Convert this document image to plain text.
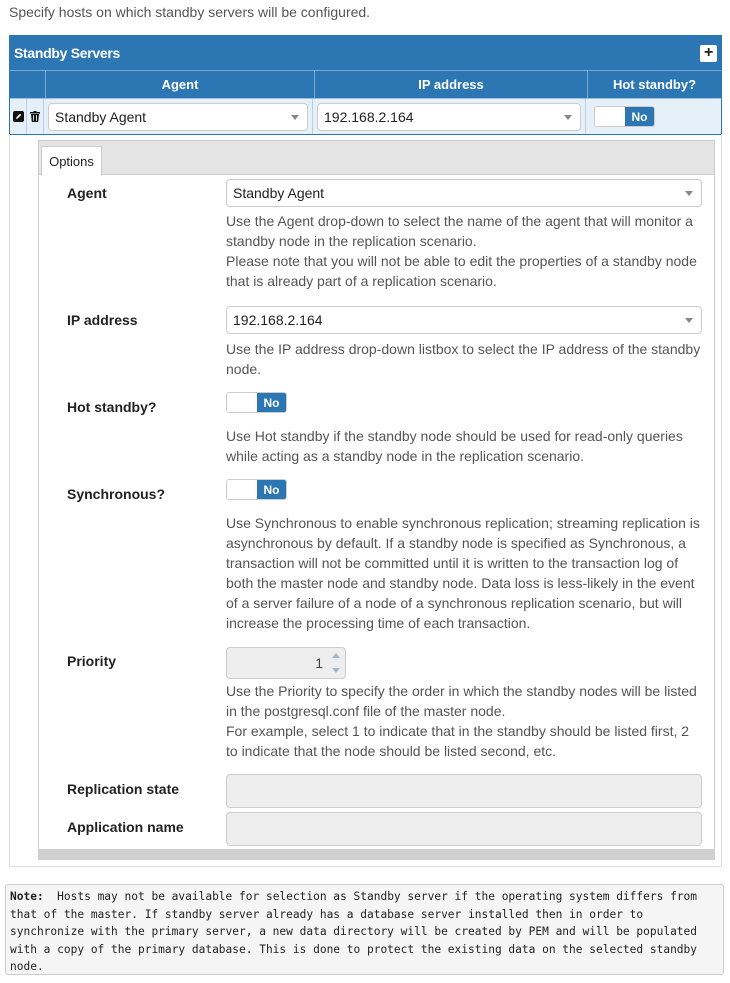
Specify hosts on which standby servers will be configured.
Standby Servers	+
Agent	IP address	Hot standby?
Standby Agent	192.168.2.164	No
Options
Agent	Standby Agent
Use the Agent drop-down to select the name of the agent that will monitor a standby node in the replication scenario.
Please note that you will not be able to edit the properties of a standby node that is already part of a replication scenario.
IP address	192.168.2.164
Use the IP address drop-down listbox to select the IP address of the standby node.
Hot standby?	No
Use Hot standby if the standby node should be used for read-only queries while acting as a standby node in the replication scenario.
Synchronous?	No
Use Synchronous to enable synchronous replication; streaming replication is asynchronous by default. If a standby node is specified as Synchronous, a transaction will not be committed until it is written to the transaction log of both the master node and standby node. Data loss is less-likely in the event of a server failure of a node of a synchronous replication scenario, but will increase the processing time of each transaction.
Priority	1
Use the Priority to specify the order in which the standby nodes will be listed in the postgresql.conf file of the master node.
For example, select 1 to indicate that in the standby should be listed first, 2 to indicate that the node should be listed second, etc.
Replication state
Application name
Note:  Hosts may not be available for selection as Standby server if the operating system differs from that of the master. If standby server already has a database server installed then in order to synchronize with the primary server, a new data directory will be created by PEM and will be populated with a copy of the primary database. This is done to protect the existing data on the selected standby node.
